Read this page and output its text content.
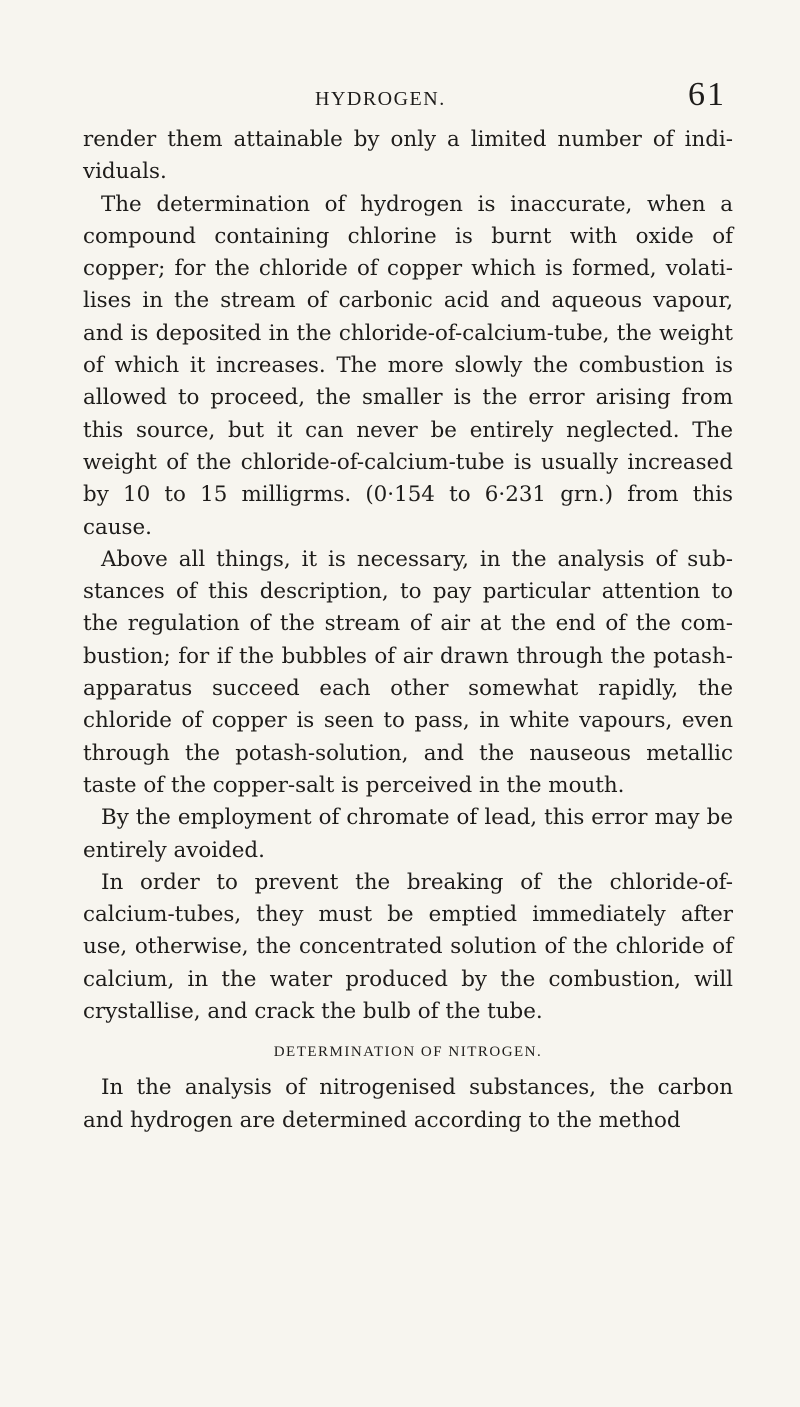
HYDROGEN.	61

render them attainable by only a limited number of indi- viduals.

The determination of hydrogen is inaccurate, when a compound containing chlorine is burnt with oxide of copper; for the chloride of copper which is formed, volati- lises in the stream of carbonic acid and aqueous vapour, and is deposited in the chloride-of-calcium-tube, the weight of which it increases. The more slowly the combustion is allowed to proceed, the smaller is the error arising from this source, but it can never be entirely neglected. The weight of the chloride-of-calcium-tube is usually increased by 10 to 15 milligrms. (0·154 to 6·231 grn.) from this cause.

Above all things, it is necessary, in the analysis of sub- stances of this description, to pay particular attention to the regulation of the stream of air at the end of the com- bustion; for if the bubbles of air drawn through the potash-apparatus succeed each other somewhat rapidly, the chloride of copper is seen to pass, in white vapours, even through the potash-solution, and the nauseous metallic taste of the copper-salt is perceived in the mouth.

By the employment of chromate of lead, this error may be entirely avoided.

In order to prevent the breaking of the chloride-of- calcium-tubes, they must be emptied immediately after use, otherwise, the concentrated solution of the chloride of calcium, in the water produced by the combustion, will crystallise, and crack the bulb of the tube.

DETERMINATION OF NITROGEN.

In the analysis of nitrogenised substances, the carbon and hydrogen are determined according to the method
